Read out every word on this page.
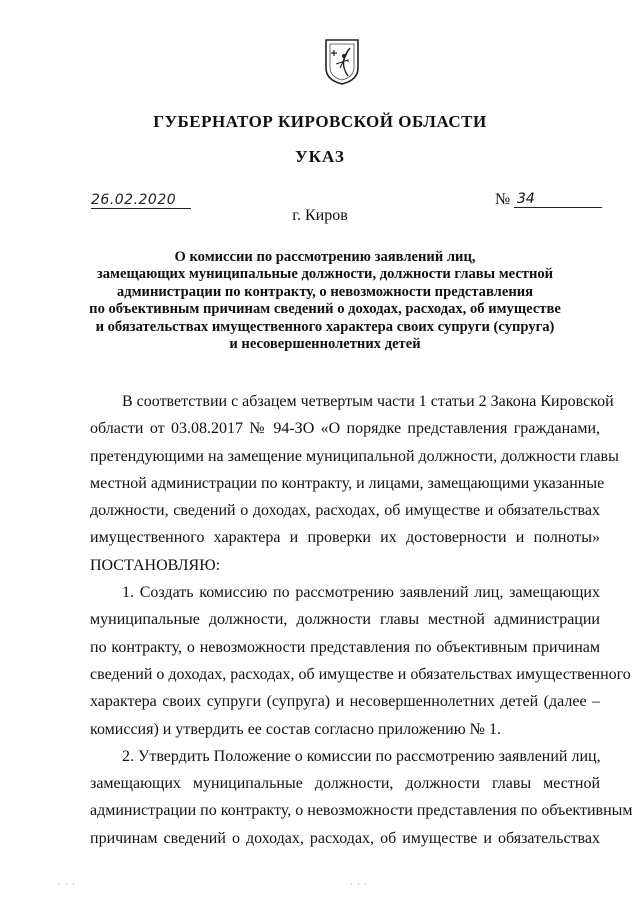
ГУБЕРНАТОР КИРОВСКОЙ ОБЛАСТИ
УКАЗ
26.02.2020	№ 34
г. Киров
О комиссии по рассмотрению заявлений лиц,
замещающих муниципальные должности, должности главы местной
администрации по контракту, о невозможности представления
по объективным причинам сведений о доходах, расходах, об имуществе
и обязательствах имущественного характера своих супруги (супруга)
и несовершеннолетних детей
В соответствии с абзацем четвертым части 1 статьи 2 Закона Кировской
области от 03.08.2017 № 94-ЗО «О порядке представления гражданами,
претендующими на замещение муниципальной должности, должности главы
местной администрации по контракту, и лицами, замещающими указанные
должности, сведений о доходах, расходах, об имуществе и обязательствах
имущественного характера и проверки их достоверности и полноты»
ПОСТАНОВЛЯЮ:
1. Создать комиссию по рассмотрению заявлений лиц, замещающих
муниципальные должности, должности главы местной администрации
по контракту, о невозможности представления по объективным причинам
сведений о доходах, расходах, об имуществе и обязательствах имущественного
характера своих супруги (супруга) и несовершеннолетних детей (далее –
комиссия) и утвердить ее состав согласно приложению № 1.
2. Утвердить Положение о комиссии по рассмотрению заявлений лиц,
замещающих муниципальные должности, должности главы местной
администрации по контракту, о невозможности представления по объективным
причинам сведений о доходах, расходах, об имуществе и обязательствах
· · ·	· · ·
